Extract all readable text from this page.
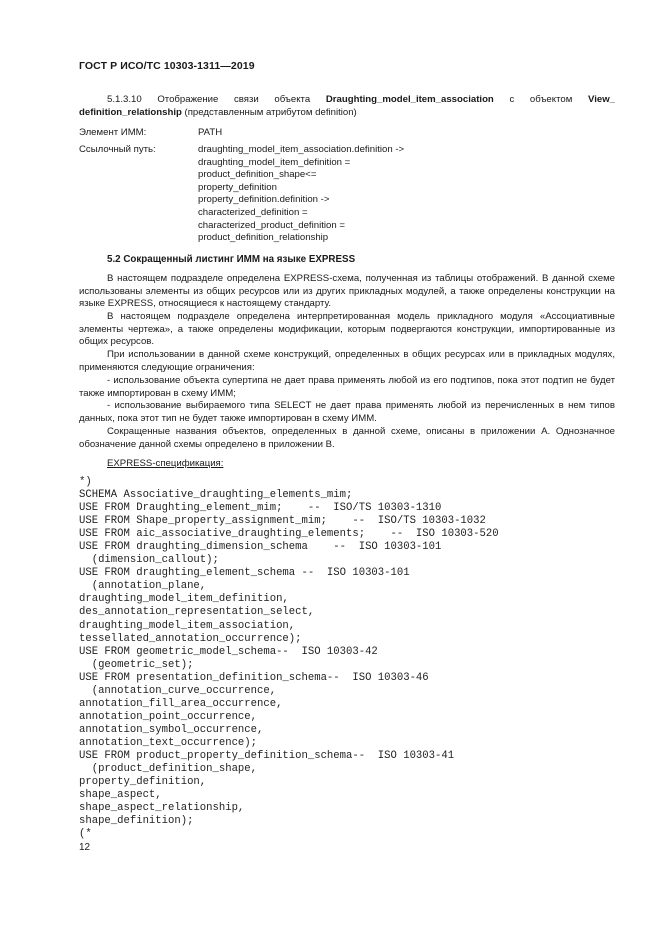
ГОСТ Р ИСО/ТС 10303-1311—2019
5.1.3.10 Отображение связи объекта Draughting_model_item_association с объектом View_ definition_relationship (представленным атрибутом definition)
Элемент ИММ:	PATH
Ссылочный путь:	draughting_model_item_association.definition ->
draughting_model_item_definition =
product_definition_shape<=
property_definition
property_definition.definition ->
characterized_definition =
characterized_product_definition =
product_definition_relationship
5.2 Сокращенный листинг ИММ на языке EXPRESS
В настоящем подразделе определена EXPRESS-схема, полученная из таблицы отображений. В данной схеме использованы элементы из общих ресурсов или из других прикладных модулей, а также определены конструкции на языке EXPRESS, относящиеся к настоящему стандарту.
В настоящем подразделе определена интерпретированная модель прикладного модуля «Ассоциативные элементы чертежа», а также определены модификации, которым подвергаются конструкции, импортированные из общих ресурсов.
При использовании в данной схеме конструкций, определенных в общих ресурсах или в прикладных модулях, применяются следующие ограничения:
- использование объекта супертипа не дает права применять любой из его подтипов, пока этот подтип не будет также импортирован в схему ИММ;
- использование выбираемого типа SELECT не дает права применять любой из перечисленных в нем типов данных, пока этот тип не будет также импортирован в схему ИММ.
Сокращенные названия объектов, определенных в данной схеме, описаны в приложении А. Однозначное обозначение данной схемы определено в приложении В.
EXPRESS-спецификация:
*)
SCHEMA Associative_draughting_elements_mim;
USE FROM Draughting_element_mim;    --  ISO/TS 10303-1310
USE FROM Shape_property_assignment_mim;    --  ISO/TS 10303-1032
USE FROM aic_associative_draughting_elements;    --  ISO 10303-520
USE FROM draughting_dimension_schema    --  ISO 10303-101
(dimension_callout);
USE FROM draughting_element_schema --  ISO 10303-101
(annotation_plane,
draughting_model_item_definition,
des_annotation_representation_select,
draughting_model_item_association,
tessellated_annotation_occurrence);
USE FROM geometric_model_schema--  ISO 10303-42
(geometric_set);
USE FROM presentation_definition_schema--  ISO 10303-46
(annotation_curve_occurrence,
annotation_fill_area_occurrence,
annotation_point_occurrence,
annotation_symbol_occurrence,
annotation_text_occurrence);
USE FROM product_property_definition_schema--  ISO 10303-41
(product_definition_shape,
property_definition,
shape_aspect,
shape_aspect_relationship,
shape_definition);
(*
12
